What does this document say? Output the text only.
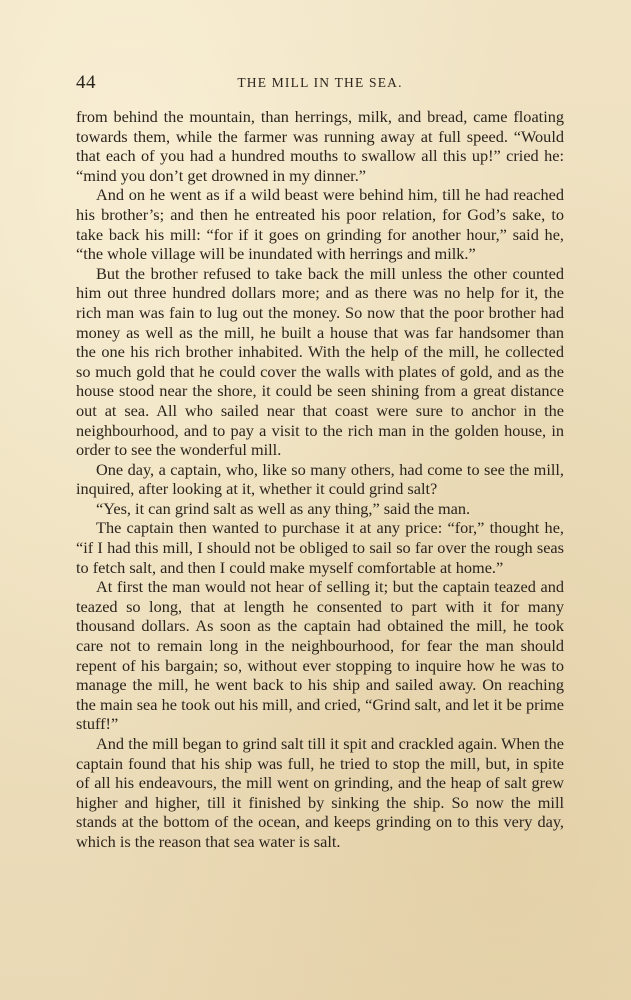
44	THE MILL IN THE SEA.

from behind the mountain, than herrings, milk, and bread, came floating towards them, while the farmer was running away at full speed. “Would that each of you had a hundred mouths to swallow all this up!” cried he: “mind you don’t get drowned in my dinner.”

And on he went as if a wild beast were behind him, till he had reached his brother’s; and then he entreated his poor relation, for God’s sake, to take back his mill: “for if it goes on grinding for another hour,” said he, “the whole village will be inundated with herrings and milk.”

But the brother refused to take back the mill unless the other counted him out three hundred dollars more; and as there was no help for it, the rich man was fain to lug out the money. So now that the poor brother had money as well as the mill, he built a house that was far handsomer than the one his rich brother inhabited. With the help of the mill, he collected so much gold that he could cover the walls with plates of gold, and as the house stood near the shore, it could be seen shining from a great distance out at sea. All who sailed near that coast were sure to anchor in the neighbourhood, and to pay a visit to the rich man in the golden house, in order to see the wonderful mill.

One day, a captain, who, like so many others, had come to see the mill, inquired, after looking at it, whether it could grind salt?

“Yes, it can grind salt as well as any thing,” said the man.

The captain then wanted to purchase it at any price: “for,” thought he, “if I had this mill, I should not be obliged to sail so far over the rough seas to fetch salt, and then I could make myself comfortable at home.”

At first the man would not hear of selling it; but the captain teazed and teazed so long, that at length he consented to part with it for many thousand dollars. As soon as the captain had obtained the mill, he took care not to remain long in the neighbourhood, for fear the man should repent of his bargain; so, without ever stopping to inquire how he was to manage the mill, he went back to his ship and sailed away. On reaching the main sea he took out his mill, and cried, “Grind salt, and let it be prime stuff!”

And the mill began to grind salt till it spit and crackled again. When the captain found that his ship was full, he tried to stop the mill, but, in spite of all his endeavours, the mill went on grinding, and the heap of salt grew higher and higher, till it finished by sinking the ship. So now the mill stands at the bottom of the ocean, and keeps grinding on to this very day, which is the reason that sea water is salt.
